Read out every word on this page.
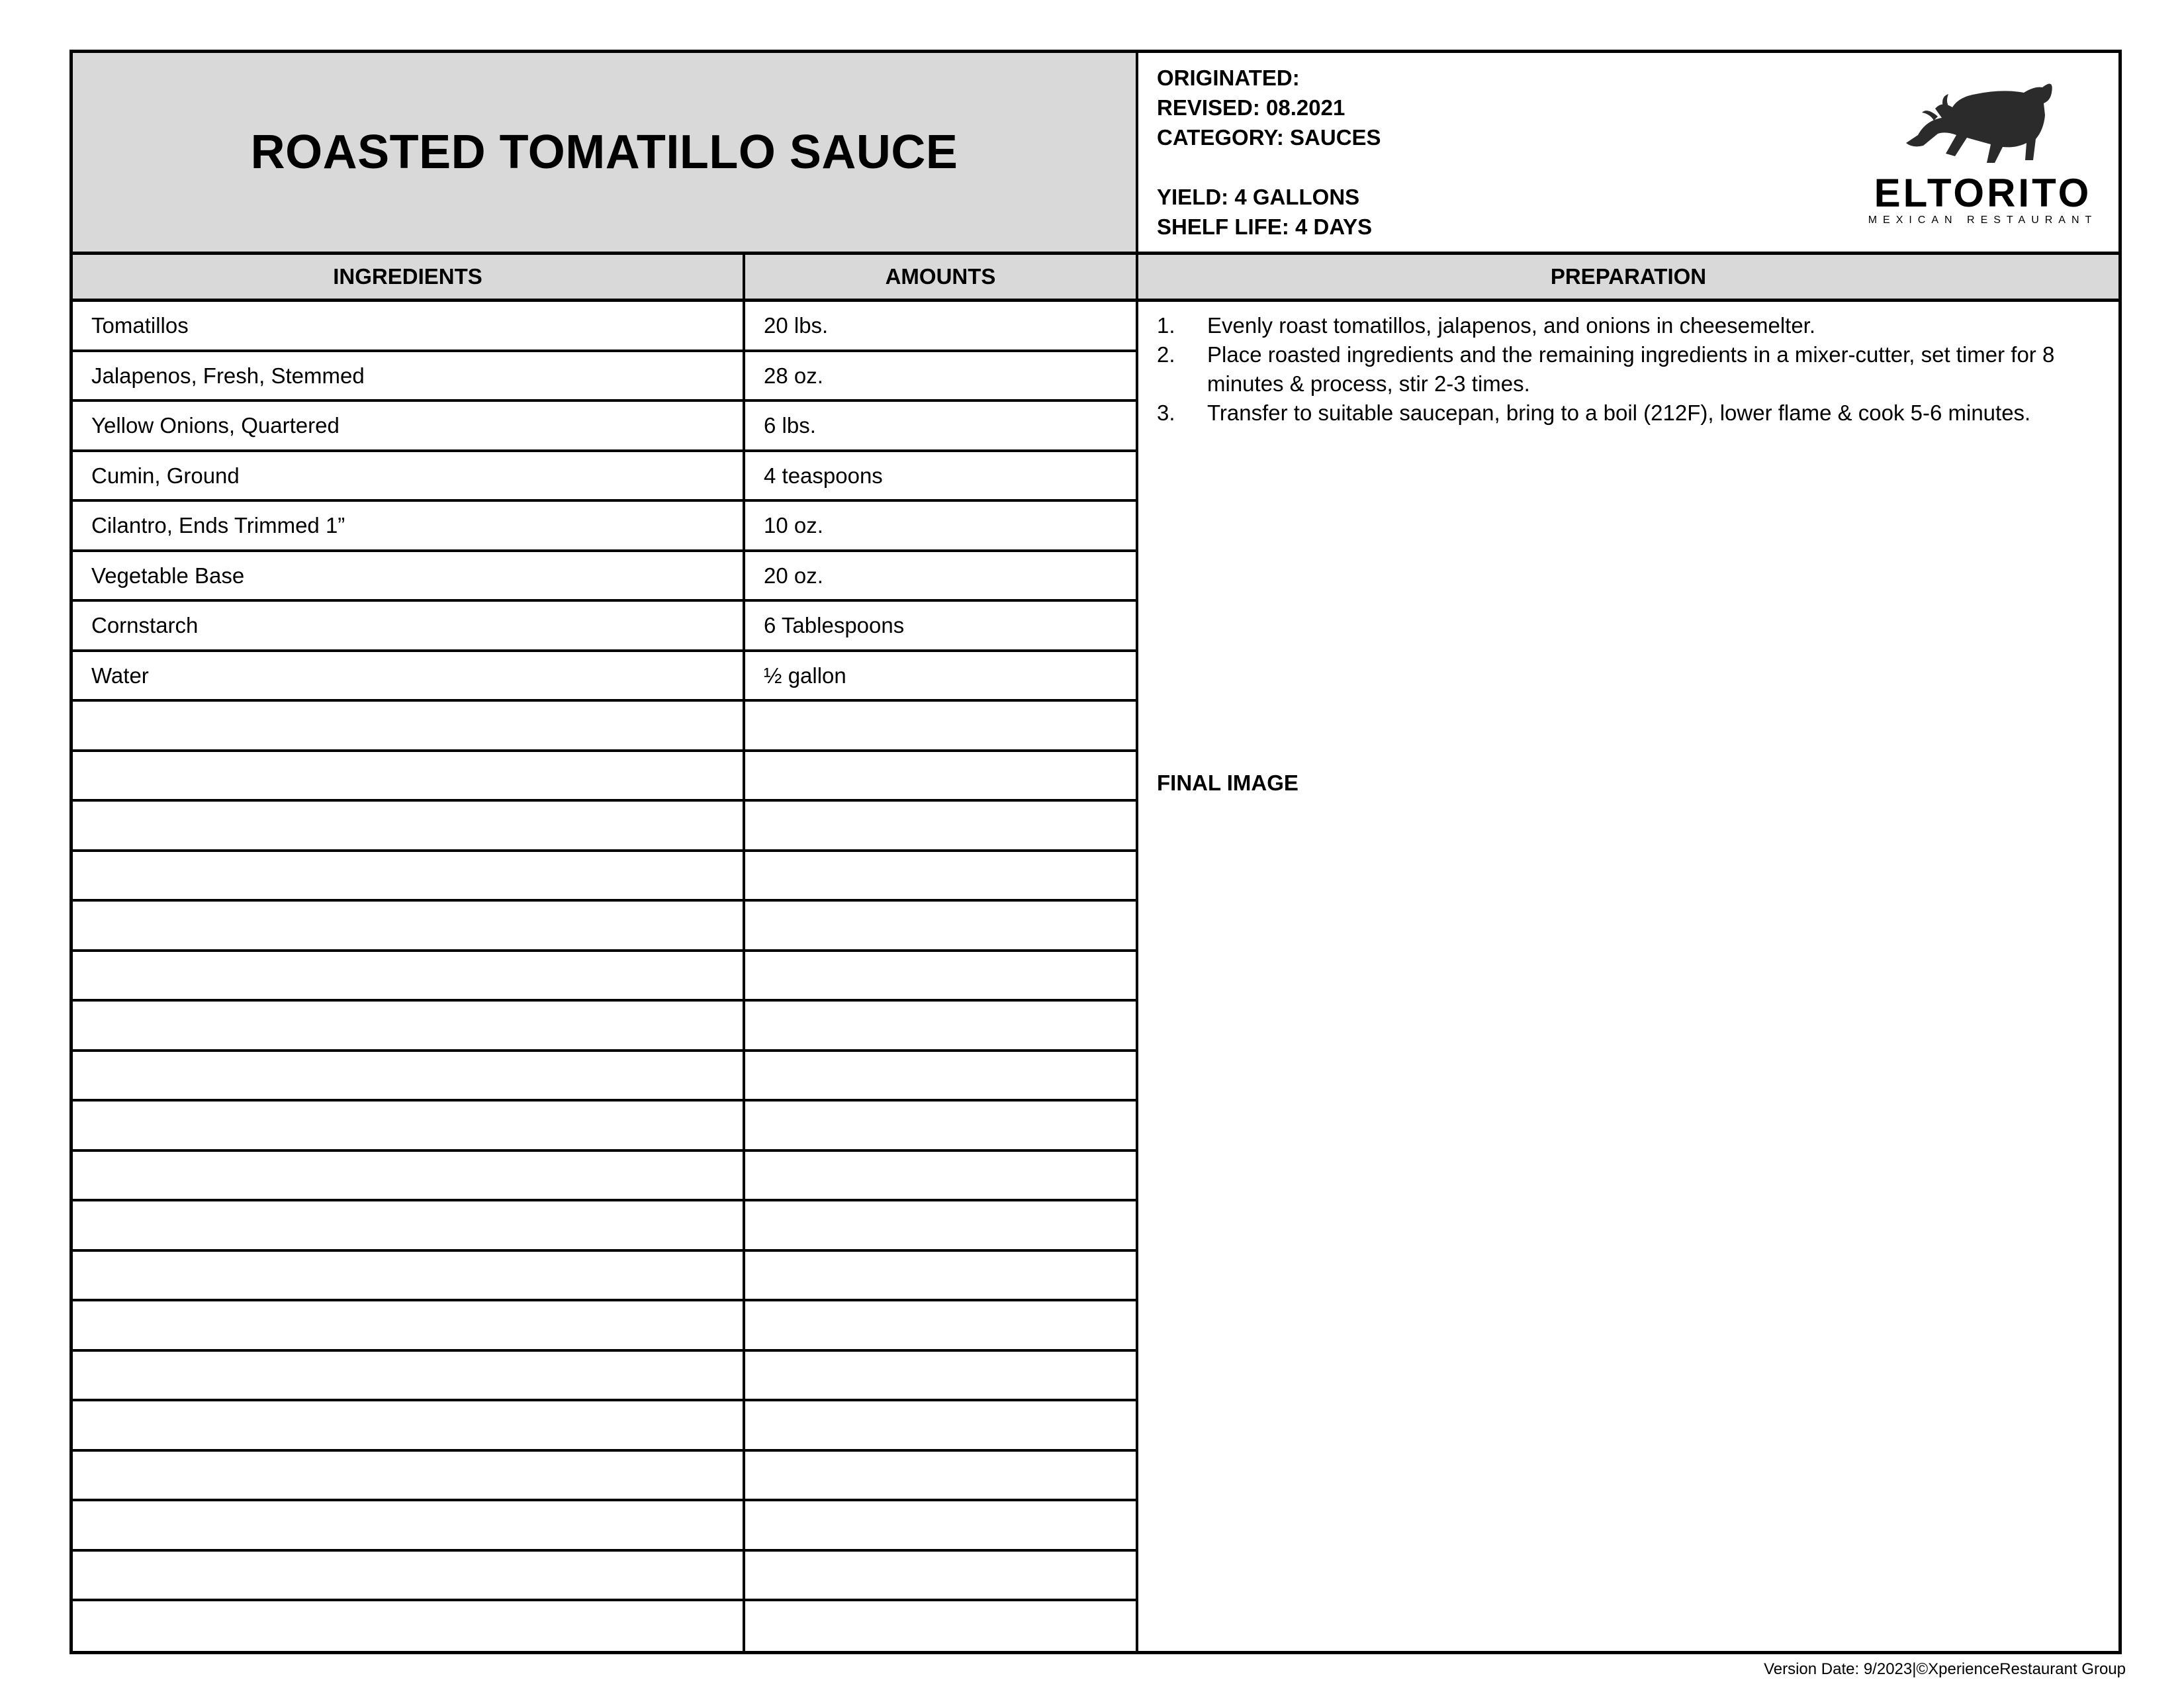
ROASTED TOMATILLO SAUCE
ORIGINATED:
REVISED: 08.2021
CATEGORY: SAUCES
YIELD: 4 GALLONS
SHELF LIFE: 4 DAYS
ELTORITO
MEXICAN RESTAURANT
INGREDIENTS	AMOUNTS	PREPARATION
Tomatillos	20 lbs.
Jalapenos, Fresh, Stemmed	28 oz.
Yellow Onions, Quartered	6 lbs.
Cumin, Ground	4 teaspoons
Cilantro, Ends Trimmed 1”	10 oz.
Vegetable Base	20 oz.
Cornstarch	6 Tablespoons
Water	½ gallon
1. Evenly roast tomatillos, jalapenos, and onions in cheesemelter.
2. Place roasted ingredients and the remaining ingredients in a mixer-cutter, set timer for 8 minutes & process, stir 2-3 times.
3. Transfer to suitable saucepan, bring to a boil (212F), lower flame & cook 5-6 minutes.
FINAL IMAGE
Version Date: 9/2023|©XperienceRestaurant Group
